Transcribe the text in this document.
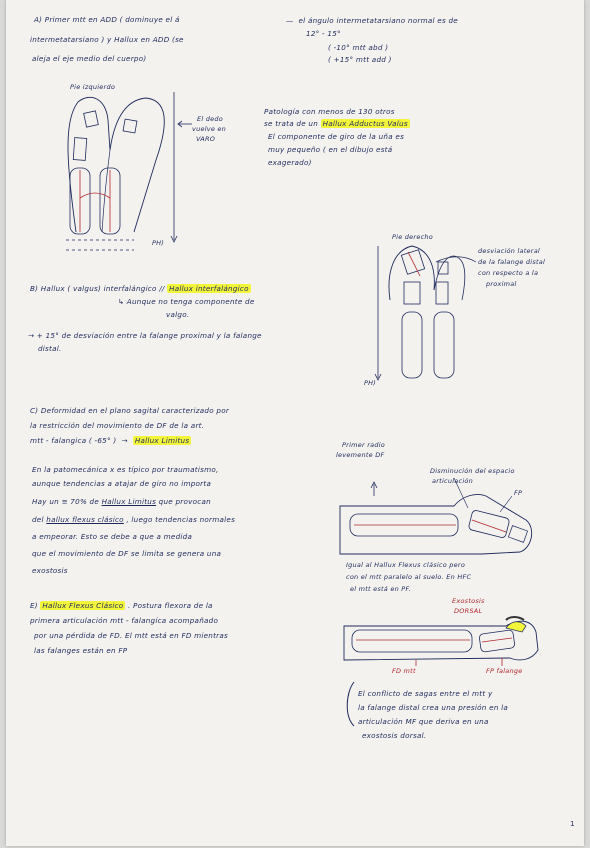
A) Primer mtt en ADD ( dominuye el á
intermetatarsiano ) y Hallux en ADD (se
aleja el eje medio del cuerpo)
—  el ángulo intermetatarsiano normal es de
12° - 15°
( -10° mtt abd )
( +15° mtt add )
Pie izquierdo
El dedo
vuelve en
VARO
PH)
Patología con menos de 130 otros
se trata de un Hallux Adductus Valus
El componente de giro de la uña es
muy pequeño ( en el dibujo está
exagerado)
Pie derecho
desviación lateral
de la falange distal
con respecto a la
proximal
PH)
B) Hallux ( valgus) interfalángico // Hallux interfalángico
↳ Aunque no tenga componente de
valgo.
→ + 15° de desviación entre la falange proximal y la falange
distal.
C) Deformidad en el plano sagital caracterizado por
la restricción del movimiento de DF de la art.
mtt - falangica ( -65° )  →  Hallux Limitus
En la patomecánica x es típico por traumatismo,
aunque tendencias a atajar de giro no importa
Hay un ≅ 70% de Hallux Limitus que provocan
del hallux flexus clásico , luego tendencias normales
a empeorar. Esto se debe a que a medida
que el movimiento de DF se limita se genera una
exostosis
Primer radio
levemente DF
Disminución del espacio
articulación
FP
Igual al Hallux Flexus clásico pero
con el mtt paralelo al suelo. En HFC
el mtt está en PF.
E) Hallux Flexus Clásico . Postura flexora de la
primera articulación mtt - falangíca acompañado
por una pérdida de FD. El mtt está en FD mientras
las falanges están en FP
Exostosis
DORSAL
FD mtt	FP falange
El conflicto de sagas entre el mtt y
la falange distal crea una presión en la
articulación MF que deriva en una
exostosis dorsal.
1
